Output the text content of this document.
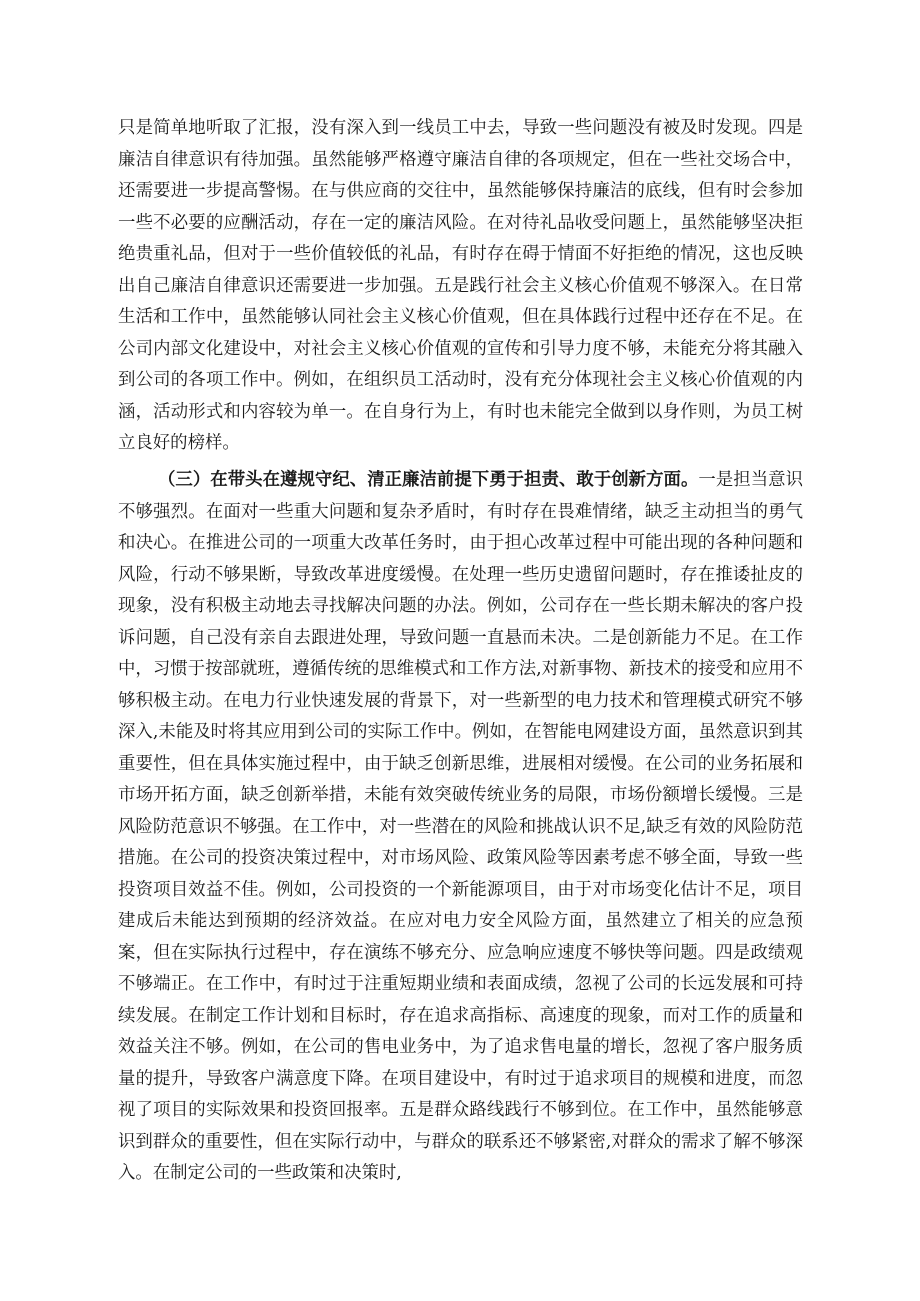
只是简单地听取了汇报，没有深入到一线员工中去，导致一些问题没有被及时发现。四是廉洁自律意识有待加强。虽然能够严格遵守廉洁自律的各项规定，但在一些社交场合中，还需要进一步提高警惕。在与供应商的交往中，虽然能够保持廉洁的底线，但有时会参加一些不必要的应酬活动，存在一定的廉洁风险。在对待礼品收受问题上，虽然能够坚决拒绝贵重礼品，但对于一些价值较低的礼品，有时存在碍于情面不好拒绝的情况，这也反映出自己廉洁自律意识还需要进一步加强。五是践行社会主义核心价值观不够深入。在日常生活和工作中，虽然能够认同社会主义核心价值观，但在具体践行过程中还存在不足。在公司内部文化建设中，对社会主义核心价值观的宣传和引导力度不够，未能充分将其融入到公司的各项工作中。例如，在组织员工活动时，没有充分体现社会主义核心价值观的内涵，活动形式和内容较为单一。在自身行为上，有时也未能完全做到以身作则，为员工树立良好的榜样。

（三）在带头在遵规守纪、清正廉洁前提下勇于担责、敢于创新方面。一是担当意识不够强烈。在面对一些重大问题和复杂矛盾时，有时存在畏难情绪，缺乏主动担当的勇气和决心。在推进公司的一项重大改革任务时，由于担心改革过程中可能出现的各种问题和风险，行动不够果断，导致改革进度缓慢。在处理一些历史遗留问题时，存在推诿扯皮的现象，没有积极主动地去寻找解决问题的办法。例如，公司存在一些长期未解决的客户投诉问题，自己没有亲自去跟进处理，导致问题一直悬而未决。二是创新能力不足。在工作中，习惯于按部就班，遵循传统的思维模式和工作方法,对新事物、新技术的接受和应用不够积极主动。在电力行业快速发展的背景下，对一些新型的电力技术和管理模式研究不够深入,未能及时将其应用到公司的实际工作中。例如，在智能电网建设方面，虽然意识到其重要性，但在具体实施过程中，由于缺乏创新思维，进展相对缓慢。在公司的业务拓展和市场开拓方面，缺乏创新举措，未能有效突破传统业务的局限，市场份额增长缓慢。三是风险防范意识不够强。在工作中，对一些潜在的风险和挑战认识不足,缺乏有效的风险防范措施。在公司的投资决策过程中，对市场风险、政策风险等因素考虑不够全面，导致一些投资项目效益不佳。例如，公司投资的一个新能源项目，由于对市场变化估计不足，项目建成后未能达到预期的经济效益。在应对电力安全风险方面，虽然建立了相关的应急预案，但在实际执行过程中，存在演练不够充分、应急响应速度不够快等问题。四是政绩观不够端正。在工作中，有时过于注重短期业绩和表面成绩，忽视了公司的长远发展和可持续发展。在制定工作计划和目标时，存在追求高指标、高速度的现象，而对工作的质量和效益关注不够。例如，在公司的售电业务中，为了追求售电量的增长，忽视了客户服务质量的提升，导致客户满意度下降。在项目建设中，有时过于追求项目的规模和进度，而忽视了项目的实际效果和投资回报率。五是群众路线践行不够到位。在工作中，虽然能够意识到群众的重要性，但在实际行动中，与群众的联系还不够紧密,对群众的需求了解不够深入。在制定公司的一些政策和决策时,
